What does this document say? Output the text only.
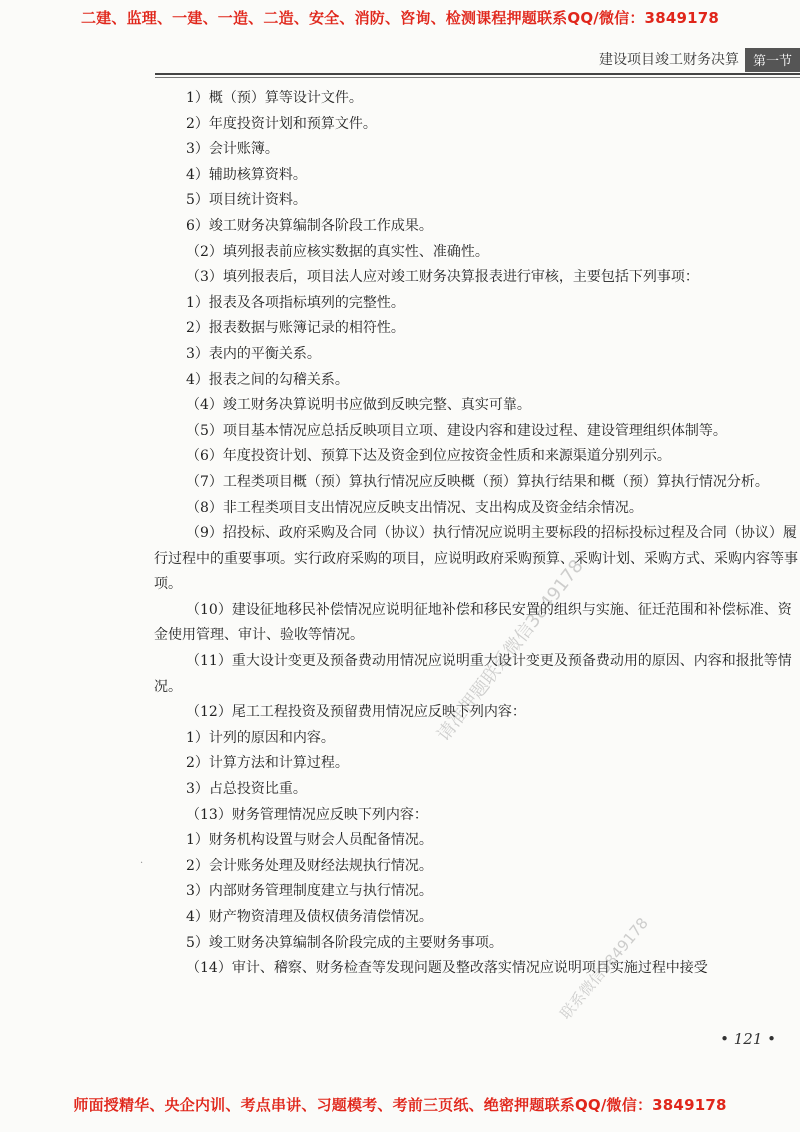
二建、监理、一建、一造、二造、安全、消防、咨询、检测课程押题联系QQ/微信：3849178
建设项目竣工财务决算	第一节

1）概（预）算等设计文件。

2）年度投资计划和预算文件。

3）会计账簿。

4）辅助核算资料。

5）项目统计资料。

6）竣工财务决算编制各阶段工作成果。

（2）填列报表前应核实数据的真实性、准确性。

（3）填列报表后，项目法人应对竣工财务决算报表进行审核，主要包括下列事项：

1）报表及各项指标填列的完整性。

2）报表数据与账簿记录的相符性。

3）表内的平衡关系。

4）报表之间的勾稽关系。

（4）竣工财务决算说明书应做到反映完整、真实可靠。

（5）项目基本情况应总括反映项目立项、建设内容和建设过程、建设管理组织体制等。

（6）年度投资计划、预算下达及资金到位应按资金性质和来源渠道分别列示。

（7）工程类项目概（预）算执行情况应反映概（预）算执行结果和概（预）算执行情况分析。

（8）非工程类项目支出情况应反映支出情况、支出构成及资金结余情况。

（9）招投标、政府采购及合同（协议）执行情况应说明主要标段的招标投标过程及合同（协议）履行过程中的重要事项。实行政府采购的项目，应说明政府采购预算、采购计划、采购方式、采购内容等事项。

（10）建设征地移民补偿情况应说明征地补偿和移民安置的组织与实施、征迁范围和补偿标准、资金使用管理、审计、验收等情况。

（11）重大设计变更及预备费动用情况应说明重大设计变更及预备费动用的原因、内容和报批等情况。

（12）尾工工程投资及预留费用情况应反映下列内容：

1）计列的原因和内容。

2）计算方法和计算过程。

3）占总投资比重。

（13）财务管理情况应反映下列内容：

1）财务机构设置与财会人员配备情况。

2）会计账务处理及财经法规执行情况。

3）内部财务管理制度建立与执行情况。

4）财产物资清理及债权债务清偿情况。

5）竣工财务决算编制各阶段完成的主要财务事项。

（14）审计、稽察、财务检查等发现问题及整改落实情况应说明项目实施过程中接受

请准押题联系微信3849178
联系微信3849178
·
• 121 •
师面授精华、央企内训、考点串讲、习题模考、考前三页纸、绝密押题联系QQ/微信：3849178
